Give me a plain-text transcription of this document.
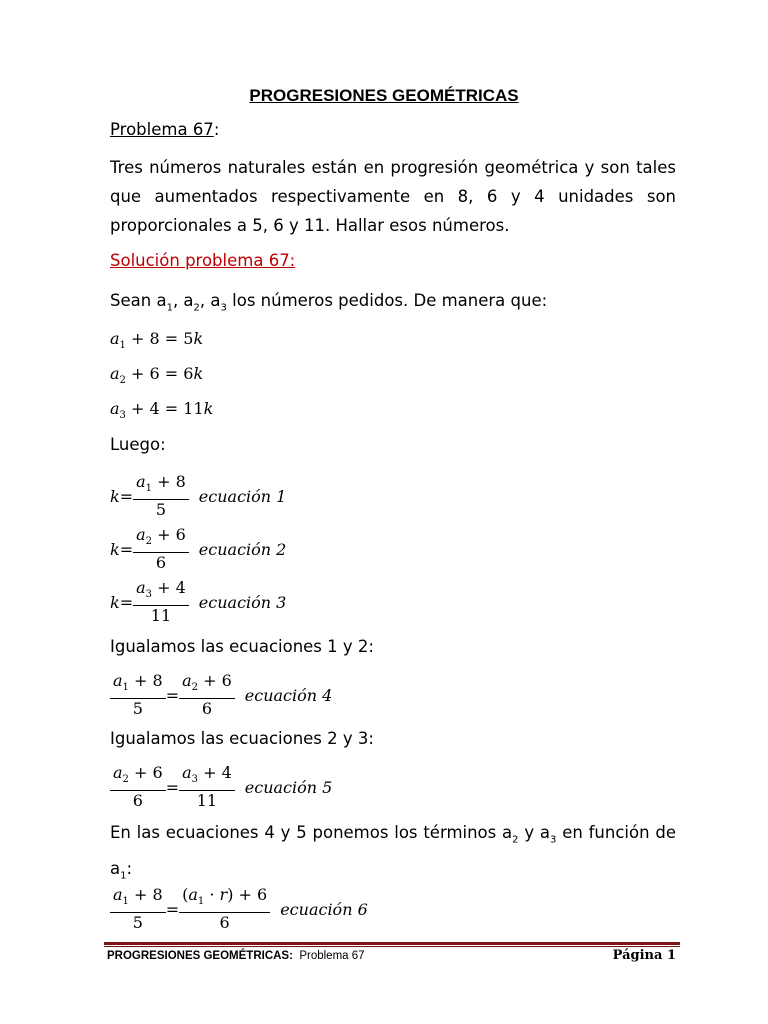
PROGRESIONES GEOMÉTRICAS
Problema 67:
Tres números naturales están en progresión geométrica y son tales que aumentados respectivamente en 8, 6 y 4 unidades son proporcionales a 5, 6 y 11. Hallar esos números.
Solución problema 67:
Sean $a_1$, $a_2$, $a_3$ los números pedidos. De manera que:
$a_1 + 8 = 5k$
$a_2 + 6 = 6k$
$a_3 + 4 = 11k$
Luego:
$k = \frac{a_1 + 8}{5}$ ecuación 1
$k = \frac{a_2 + 6}{6}$ ecuación 2
$k = \frac{a_3 + 4}{11}$ ecuación 3
Igualamos las ecuaciones 1 y 2:
$\frac{a_1 + 8}{5} = \frac{a_2 + 6}{6}$ ecuación 4
Igualamos las ecuaciones 2 y 3:
$\frac{a_2 + 6}{6} = \frac{a_3 + 4}{11}$ ecuación 5
En las ecuaciones 4 y 5 ponemos los términos $a_2$ y $a_3$ en función de $a_1$:
$\frac{a_1 + 8}{5} = \frac{(a_1 \cdot r) + 6}{6}$ ecuación 6
PROGRESIONES GEOMÉTRICAS: Problema 67	Página 1
